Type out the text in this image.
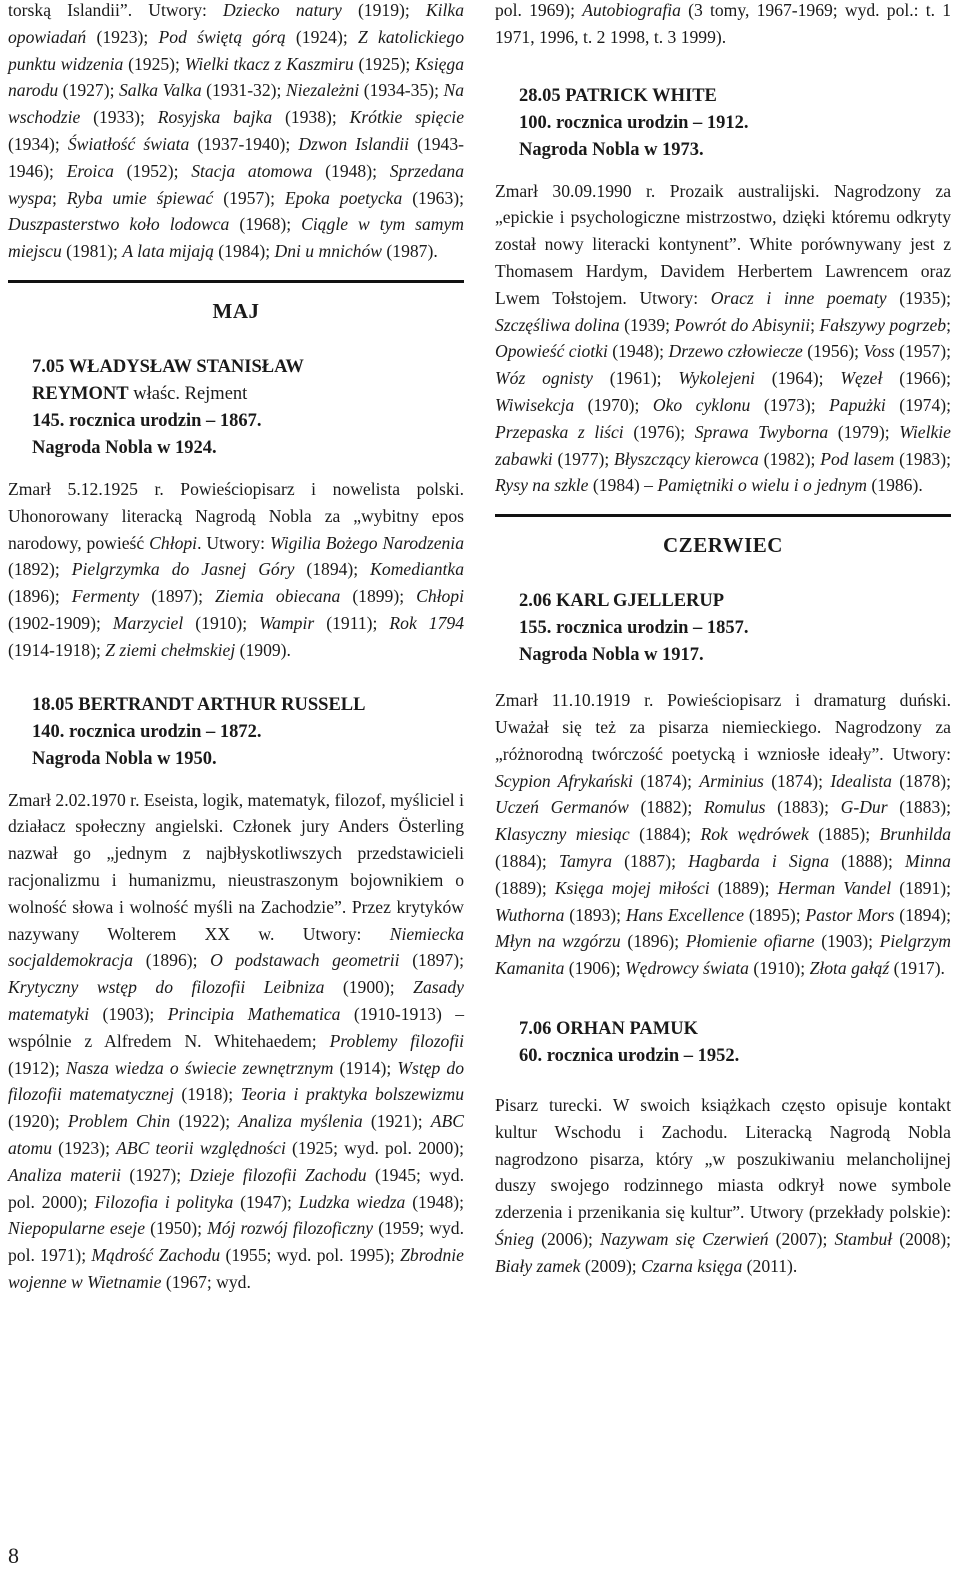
torską Islandii”. Utwory: Dziecko natury (1919); Kilka opowiadań (1923); Pod świętą górą (1924); Z katolickiego punktu widzenia (1925); Wielki tkacz z Kaszmiru (1925); Księga narodu (1927); Salka Valka (1931-32); Niezależni (1934-35); Na wschodzie (1933); Rosyjska bajka (1938); Krótkie spięcie (1934); Światłość świata (1937-1940); Dzwon Islandii (1943-1946); Eroica (1952); Stacja atomowa (1948); Sprzedana wyspa; Ryba umie śpiewać (1957); Epoka poetycka (1963); Duszpasterstwo koło lodowca (1968); Ciągle w tym samym miejscu (1981); A lata mijają (1984); Dni u mnichów (1987).

MAJ

7.05 WŁADYSŁAW STANISŁAW
REYMONT właśc. Rejment
145. rocznica urodzin – 1867.
Nagroda Nobla w 1924.

Zmarł 5.12.1925 r. Powieściopisarz i nowelista polski. Uhonorowany literacką Nagrodą Nobla za „wybitny epos narodowy, powieść Chłopi. Utwory: Wigilia Bożego Narodzenia (1892); Pielgrzymka do Jasnej Góry (1894); Komediantka (1896); Fermenty (1897); Ziemia obiecana (1899); Chłopi (1902-1909); Marzyciel (1910); Wampir (1911); Rok 1794 (1914-1918); Z ziemi chełmskiej (1909).

18.05 BERTRANDT ARTHUR RUSSELL
140. rocznica urodzin – 1872.
Nagroda Nobla w 1950.

Zmarł 2.02.1970 r. Eseista, logik, matematyk, filozof, myśliciel i działacz społeczny angielski. Członek jury Anders Österling nazwał go „jednym z najbłyskotliwszych przedstawicieli racjonalizmu i humanizmu, nieustraszonym bojownikiem o wolność słowa i wolność myśli na Zachodzie”. Przez krytyków nazywany Wolterem XX w. Utwory: Niemiecka socjaldemokracja (1896); O podstawach geometrii (1897); Krytyczny wstęp do filozofii Leibniza (1900); Zasady matematyki (1903); Principia Mathematica (1910-1913) – wspólnie z Alfredem N. Whitehaedem; Problemy filozofii (1912); Nasza wiedza o świecie zewnętrznym (1914); Wstęp do filozofii matematycznej (1918); Teoria i praktyka bolszewizmu (1920); Problem Chin (1922); Analiza myślenia (1921); ABC atomu (1923); ABC teorii względności (1925; wyd. pol. 2000); Analiza materii (1927); Dzieje filozofii Zachodu (1945; wyd. pol. 2000); Filozofia i polityka (1947); Ludzka wiedza (1948); Niepopularne eseje (1950); Mój rozwój filozoficzny (1959; wyd. pol. 1971); Mądrość Zachodu (1955; wyd. pol. 1995); Zbrodnie wojenne w Wietnamie (1967; wyd.

pol. 1969); Autobiografia (3 tomy, 1967-1969; wyd. pol.: t. 1 1971, 1996, t. 2 1998, t. 3 1999).

28.05 PATRICK WHITE
100. rocznica urodzin – 1912.
Nagroda Nobla w 1973.

Zmarł 30.09.1990 r. Prozaik australijski. Nagrodzony za „epickie i psychologiczne mistrzostwo, dzięki któremu odkryty został nowy literacki kontynent”. White porównywany jest z Thomasem Hardym, Davidem Herbertem Lawrencem oraz Lwem Tołstojem. Utwory: Oracz i inne poematy (1935); Szczęśliwa dolina (1939; Powrót do Abisynii; Fałszywy pogrzeb; Opowieść ciotki (1948); Drzewo człowiecze (1956); Voss (1957); Wóz ognisty (1961); Wykolejeni (1964); Węzeł (1966); Wiwisekcja (1970); Oko cyklonu (1973); Papużki (1974); Przepaska z liści (1976); Sprawa Twyborna (1979); Wielkie zabawki (1977); Błyszczący kierowca (1982); Pod lasem (1983); Rysy na szkle (1984) – Pamiętniki o wielu i o jednym (1986).

CZERWIEC

2.06 KARL GJELLERUP
155. rocznica urodzin – 1857.
Nagroda Nobla w 1917.

Zmarł 11.10.1919 r. Powieściopisarz i dramaturg duński. Uważał się też za pisarza niemieckiego. Nagrodzony za „różnorodną twórczość poetycką i wzniosłe ideały”. Utwory: Scypion Afrykański (1874); Arminius (1874); Idealista (1878); Uczeń Germanów (1882); Romulus (1883); G-Dur (1883); Klasyczny miesiąc (1884); Rok wędrówek (1885); Brunhilda (1884); Tamyra (1887); Hagbarda i Signa (1888); Minna (1889); Księga mojej miłości (1889); Herman Vandel (1891); Wuthorna (1893); Hans Excellence (1895); Pastor Mors (1894); Młyn na wzgórzu (1896); Płomienie ofiarne (1903); Pielgrzym Kamanita (1906); Wędrowcy świata (1910); Złota gałąź (1917).

7.06 ORHAN PAMUK
60. rocznica urodzin – 1952.

Pisarz turecki. W swoich książkach często opisuje kontakt kultur Wschodu i Zachodu. Literacką Nagrodą Nobla nagrodzono pisarza, który „w poszukiwaniu melancholijnej duszy swojego rodzinnego miasta odkrył nowe symbole zderzenia i przenikania się kultur”. Utwory (przekłady polskie): Śnieg (2006); Nazywam się Czerwień (2007); Stambuł (2008); Biały zamek (2009); Czarna księga (2011).

8
